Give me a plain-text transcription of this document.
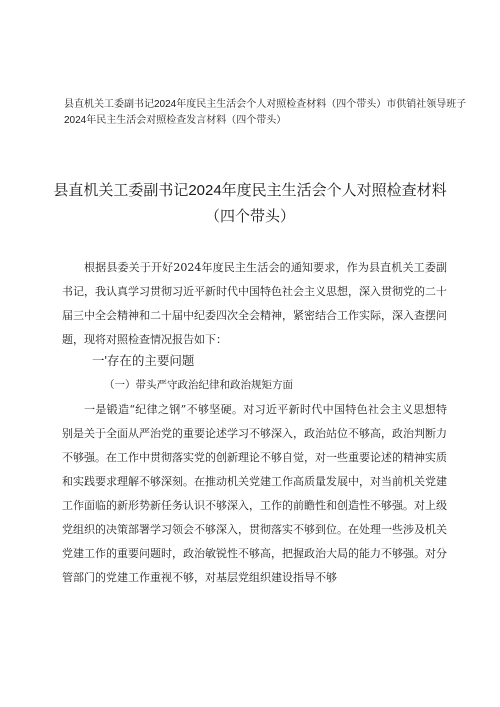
县直机关工委副书记2024年度民主生活会个人对照检查材料（四个带头）市供销社领导班子
2024年民主生活会对照检查发言材料（四个带头）
县直机关工委副书记2024年度民主生活会个人对照检查材料
（四个带头）

根据县委关于开好2024年度民主生活会的通知要求，作为县直机关工委副书记，我认真学习贯彻习近平新时代中国特色社会主义思想，深入贯彻党的二十届三中全会精神和二十届中纪委四次全会精神，紧密结合工作实际，深入查摆问题，现将对照检查情况报告如下：

一'存在的主要问题

（一）带头严守政治纪律和政治规矩方面

一是锻造“纪律之钢”不够坚硬。对习近平新时代中国特色社会主义思想特别是关于全面从严治党的重要论述学习不够深入，政治站位不够高，政治判断力不够强。在工作中贯彻落实党的创新理论不够自觉，对一些重要论述的精神实质和实践要求理解不够深刻。在推动机关党建工作高质量发展中，对当前机关党建工作面临的新形势新任务认识不够深入，工作的前瞻性和创造性不够强。对上级党组织的决策部署学习领会不够深入，贯彻落实不够到位。在处理一些涉及机关党建工作的重要问题时，政治敏锐性不够高，把握政治大局的能力不够强。对分管部门的党建工作重视不够，对基层党组织建设指导不够
